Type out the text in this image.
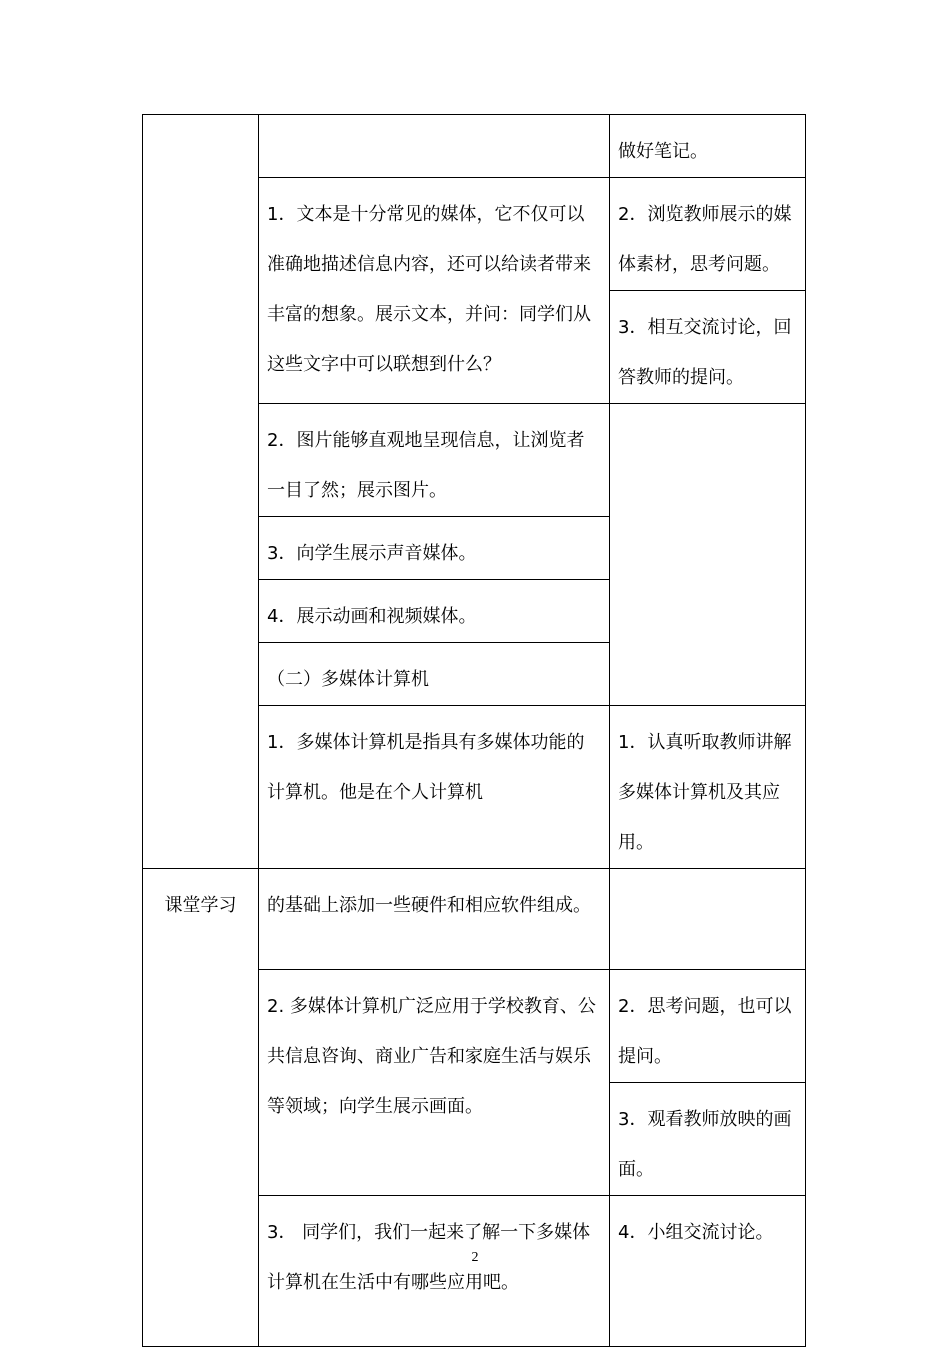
		做好笔记。

	1．文本是十分常见的媒体，它不仅可以准确地描述信息内容，还可以给读者带来丰富的想象。展示文本，并问：同学们从这些文字中可以联想到什么？	2．浏览教师展示的媒体素材，思考问题。

		3．相互交流讨论，回答教师的提问。

	2．图片能够直观地呈现信息，让浏览者一目了然；展示图片。	

	3．向学生展示声音媒体。	

	4．展示动画和视频媒体。	

	（二）多媒体计算机	

	1．多媒体计算机是指具有多媒体功能的计算机。他是在个人计算机	1．认真听取教师讲解多媒体计算机及其应用。

课堂学习	的基础上添加一些硬件和相应软件组成。	

	2. 多媒体计算机广泛应用于学校教育、公共信息咨询、商业广告和家庭生活与娱乐等领域；向学生展示画面。	2．思考问题，也可以提问。

		3．观看教师放映的画面。

	3． 同学们，我们一起来了解一下多媒体计算机在生活中有哪些应用吧。	4．小组交流讨论。

2
